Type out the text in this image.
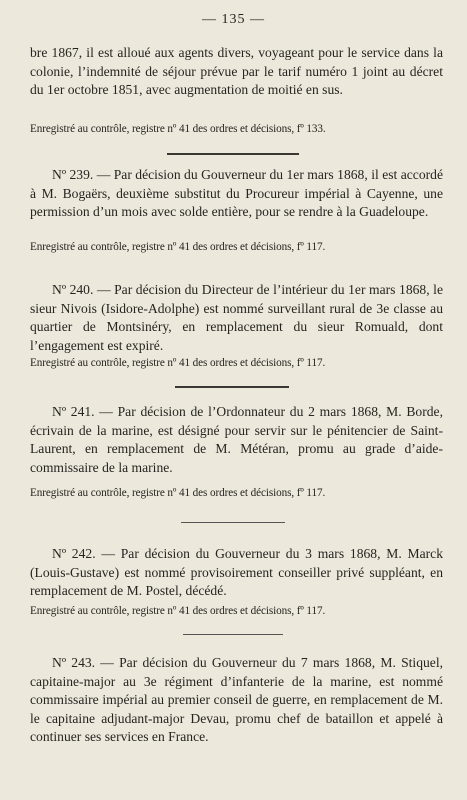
— 135 —

bre 1867, il est alloué aux agents divers, voyageant pour le service dans la colonie, l’indemnité de séjour prévue par le tarif numéro 1 joint au décret du 1er octobre 1851, avec augmentation de moitié en sus.

Enregistré au contrôle, registre nº 41 des ordres et décisions, fº 133.

Nº 239. — Par décision du Gouverneur du 1er mars 1868, il est accordé à M. Bogaërs, deuxième substitut du Procureur impérial à Cayenne, une permission d’un mois avec solde entière, pour se rendre à la Guadeloupe.

Enregistré au contrôle, registre nº 41 des ordres et décisions, fº 117.

Nº 240. — Par décision du Directeur de l’intérieur du 1er mars 1868, le sieur Nivois (Isidore-Adolphe) est nommé surveillant rural de 3e classe au quartier de Montsinéry, en remplacement du sieur Romuald, dont l’engagement est expiré.

Enregistré au contrôle, registre nº 41 des ordres et décisions, fº 117.

Nº 241. — Par décision de l’Ordonnateur du 2 mars 1868, M. Borde, écrivain de la marine, est désigné pour servir sur le pénitencier de Saint-Laurent, en remplacement de M. Météran, promu au grade d’aide-commissaire de la marine.

Enregistré au contrôle, registre nº 41 des ordres et décisions, fº 117.

Nº 242. — Par décision du Gouverneur du 3 mars 1868, M. Marck (Louis-Gustave) est nommé provisoirement conseiller privé suppléant, en remplacement de M. Postel, décédé.

Enregistré au contrôle, registre nº 41 des ordres et décisions, fº 117.

Nº 243. — Par décision du Gouverneur du 7 mars 1868, M. Stiquel, capitaine-major au 3e régiment d’infanterie de la marine, est nommé commissaire impérial au premier conseil de guerre, en remplacement de M. le capitaine adjudant-major Devau, promu chef de bataillon et appelé à continuer ses services en France.
